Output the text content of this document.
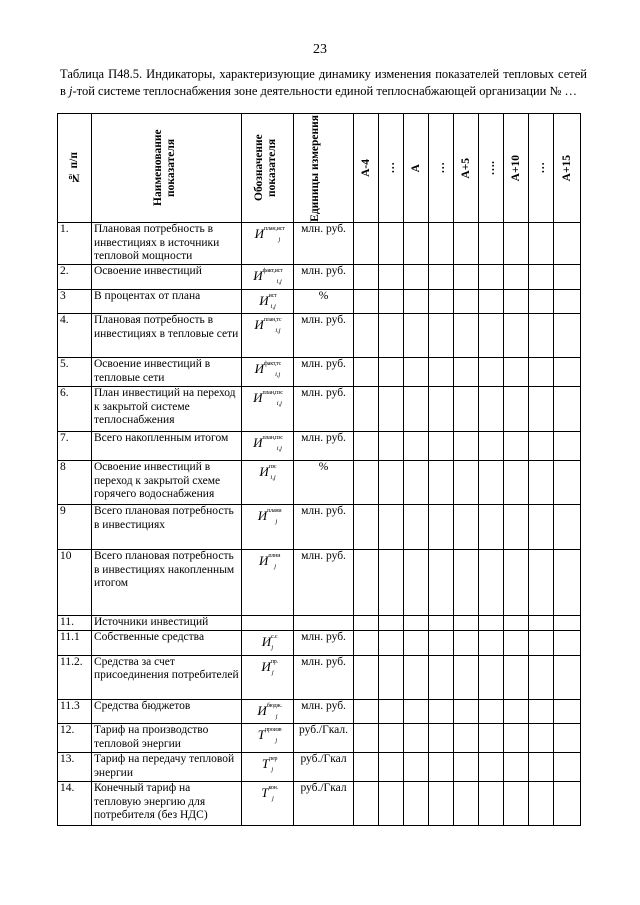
23
Таблица П48.5. Индикаторы, характеризующие динамику изменения показателей тепловых сетей в j-той системе теплоснабжения зоне деятельности единой теплоснабжающей организации № …
№ п/п	Наименование показателя	Обозначение показателя	Единицы измерения	А-4	…	А	…	А+5	….	А+10	…	А+15

1.	Плановая потребность в инвестициях в источники тепловой мощности	$И^{план,ист}_j$	млн. руб.									
2.	Освоение инвестиций	$И^{факт,ист}_{i,j}$	млн. руб.									
3	В процентах от плана	$И^{ист}_{i,j}$	%									
4.	Плановая потребность в инвестициях в тепловые сети	$И^{план,тс}_{i,j}$	млн. руб.									
5.	Освоение инвестиций в тепловые сети	$И^{факт,тс}_{i,j}$	млн. руб.									
6.	План инвестиций на переход к закрытой системе теплоснабжения	$И^{план,пзс}_{i,j}$	млн. руб.									
7.	Всего накопленным итогом	$И^{план,пзс}_{i,j}$	млн. руб.									
8	Освоение инвестиций в переход к закрытой схеме горячего водоснабжения	$И^{пзс}_{i,j}$	%									
9	Всего плановая потребность в инвестициях	$И^{плани}_j$	млн. руб.									
10	Всего плановая потребность в инвестициях накопленным итогом	$И^{плни}_j$	млн. руб.									
11.	Источники инвестиций											
11.1	Собственные средства	$И^{с.с}_j$	млн. руб.									
11.2.	Средства за счет присоединения потребителей	$И^{пр.}_j$	млн. руб.									
11.3	Средства бюджетов	$И^{бюдж.}_j$	млн. руб.									
12.	Тариф на производство тепловой энергии	$Т^{произв}_j$	руб./Гкал.									
13.	Тариф на передачу тепловой энергии	$Т^{пер}_j$	руб./Гкал									
14.	Конечный тариф на тепловую энергию для потребителя (без НДС)	$Т^{кон.}_j$	руб./Гкал									
